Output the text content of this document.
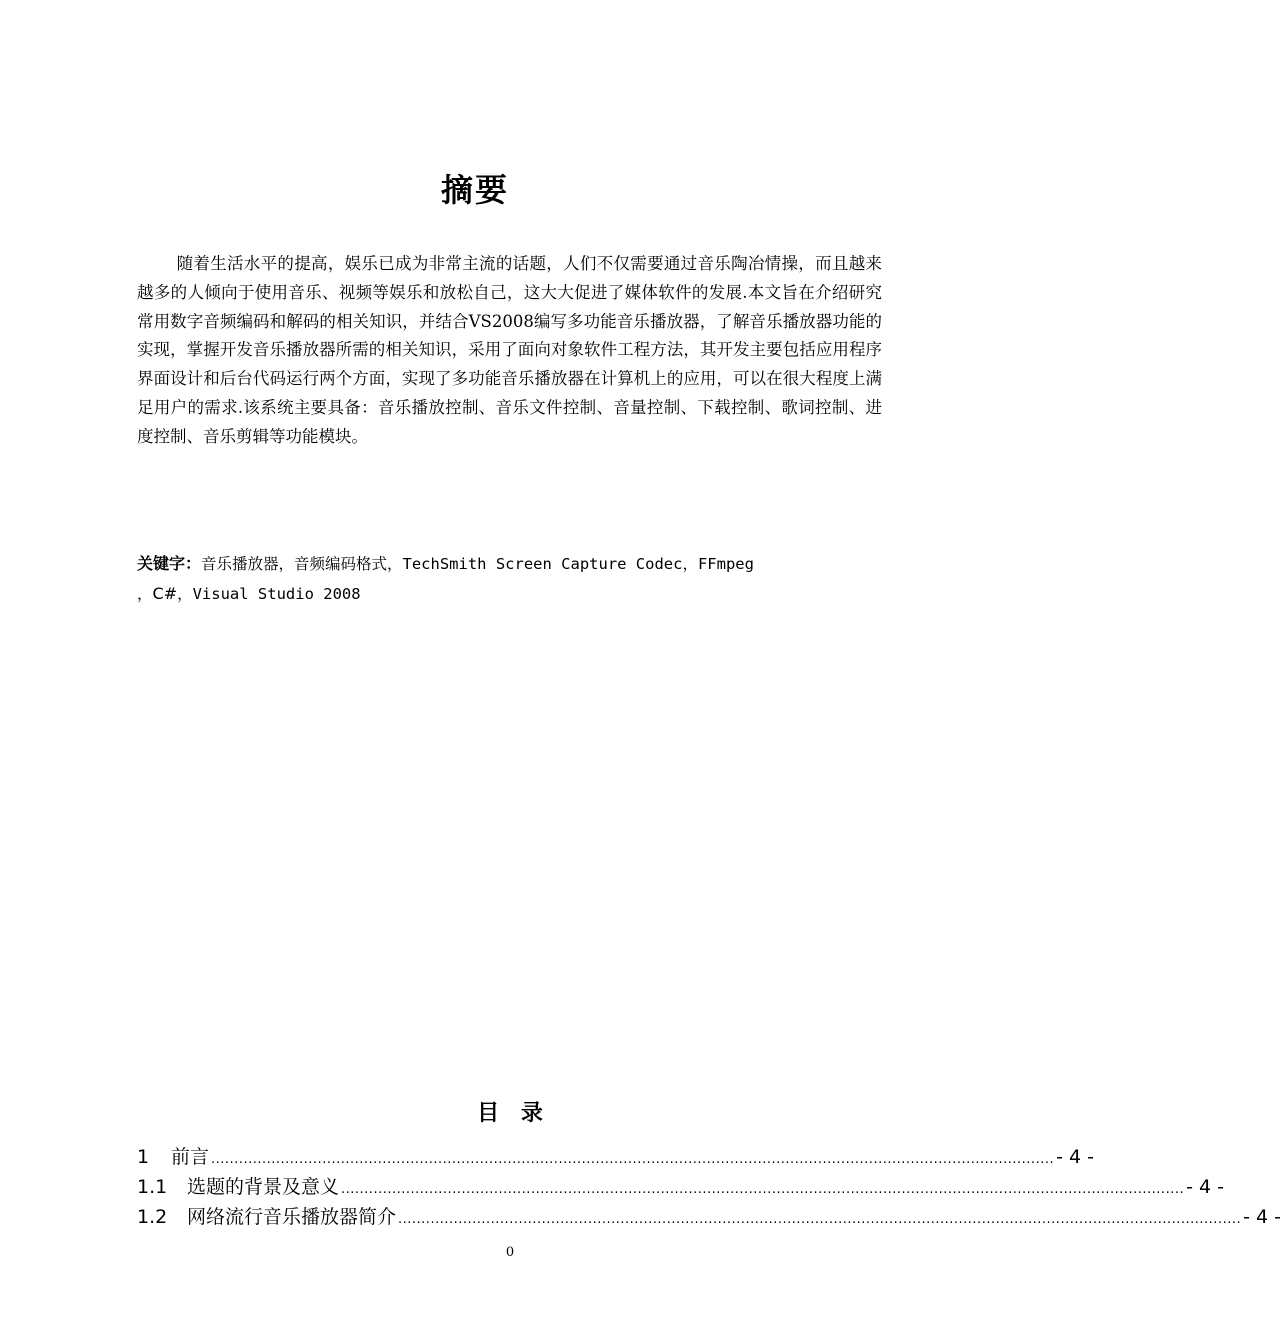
摘要

随着生活水平的提高，娱乐已成为非常主流的话题，人们不仅需要通过音乐陶冶情操，而且越来越多的人倾向于使用音乐、视频等娱乐和放松自己，这大大促进了媒体软件的发展.本文旨在介绍研究常用数字音频编码和解码的相关知识，并结合VS2008编写多功能音乐播放器，了解音乐播放器功能的实现，掌握开发音乐播放器所需的相关知识，采用了面向对象软件工程方法，其开发主要包括应用程序界面设计和后台代码运行两个方面，实现了多功能音乐播放器在计算机上的应用，可以在很大程度上满足用户的需求.该系统主要具备：音乐播放控制、音乐文件控制、音量控制、下载控制、歌词控制、进度控制、音乐剪辑等功能模块。

关键字：音乐播放器，音频编码格式，TechSmith Screen Capture Codec，FFmpeg
，C#，Visual Studio 2008
目 录
1	前言 ...................................................................................................................................................................................... - 4 -
1.1	选题的背景及意义 ...................................................................................................................................................................................... - 4 -
1.2	网络流行音乐播放器简介 ...................................................................................................................................................................................... - 4 -
0
